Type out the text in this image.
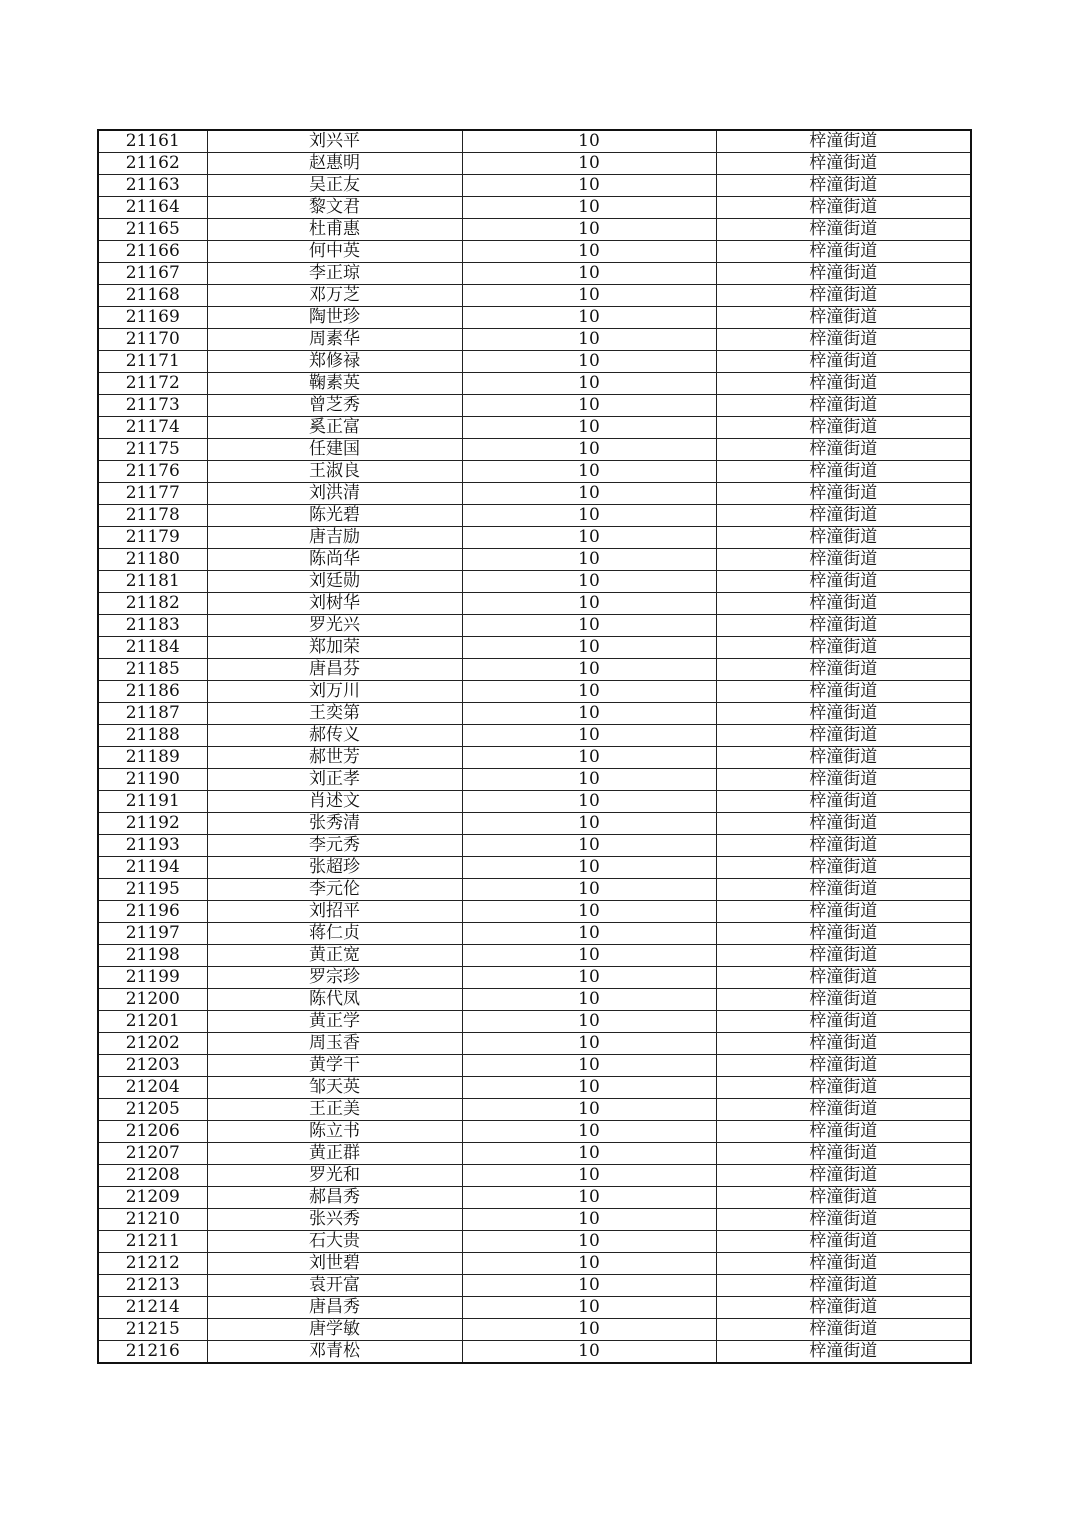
21161	刘兴平	10	梓潼街道
21162	赵惠明	10	梓潼街道
21163	吴正友	10	梓潼街道
21164	黎文君	10	梓潼街道
21165	杜甫惠	10	梓潼街道
21166	何中英	10	梓潼街道
21167	李正琼	10	梓潼街道
21168	邓万芝	10	梓潼街道
21169	陶世珍	10	梓潼街道
21170	周素华	10	梓潼街道
21171	郑修禄	10	梓潼街道
21172	鞠素英	10	梓潼街道
21173	曾芝秀	10	梓潼街道
21174	奚正富	10	梓潼街道
21175	任建国	10	梓潼街道
21176	王淑良	10	梓潼街道
21177	刘洪清	10	梓潼街道
21178	陈光碧	10	梓潼街道
21179	唐吉励	10	梓潼街道
21180	陈尚华	10	梓潼街道
21181	刘廷勋	10	梓潼街道
21182	刘树华	10	梓潼街道
21183	罗光兴	10	梓潼街道
21184	郑加荣	10	梓潼街道
21185	唐昌芬	10	梓潼街道
21186	刘万川	10	梓潼街道
21187	王奕第	10	梓潼街道
21188	郝传义	10	梓潼街道
21189	郝世芳	10	梓潼街道
21190	刘正孝	10	梓潼街道
21191	肖述文	10	梓潼街道
21192	张秀清	10	梓潼街道
21193	李元秀	10	梓潼街道
21194	张超珍	10	梓潼街道
21195	李元伦	10	梓潼街道
21196	刘招平	10	梓潼街道
21197	蒋仁贞	10	梓潼街道
21198	黄正宽	10	梓潼街道
21199	罗宗珍	10	梓潼街道
21200	陈代凤	10	梓潼街道
21201	黄正学	10	梓潼街道
21202	周玉香	10	梓潼街道
21203	黄学干	10	梓潼街道
21204	邹天英	10	梓潼街道
21205	王正美	10	梓潼街道
21206	陈立书	10	梓潼街道
21207	黄正群	10	梓潼街道
21208	罗光和	10	梓潼街道
21209	郝昌秀	10	梓潼街道
21210	张兴秀	10	梓潼街道
21211	石大贵	10	梓潼街道
21212	刘世碧	10	梓潼街道
21213	袁开富	10	梓潼街道
21214	唐昌秀	10	梓潼街道
21215	唐学敏	10	梓潼街道
21216	邓青松	10	梓潼街道
